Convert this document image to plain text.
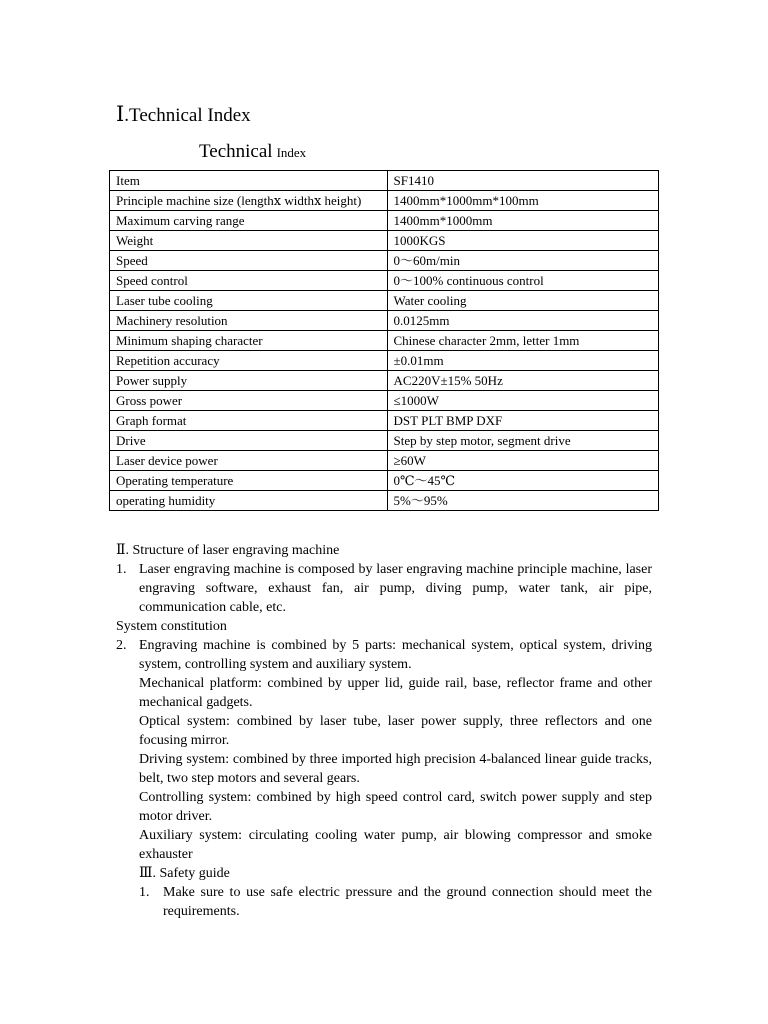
Ⅰ.Technical Index
Technical Index
Item	SF1410
Principle machine size (lengthⅹ widthⅹ height)	1400mm*1000mm*100mm
Maximum carving range	1400mm*1000mm
Weight	1000KGS
Speed	0～60m/min
Speed control	0～100% continuous control
Laser tube cooling	Water cooling
Machinery resolution	0.0125mm
Minimum shaping character	Chinese character 2mm, letter 1mm
Repetition accuracy	±0.01mm
Power supply	AC220V±15% 50Hz
Gross power	≤1000W
Graph format	DST PLT BMP DXF
Drive	Step by step motor, segment drive
Laser device power	≥60W
Operating temperature	0℃～45℃
operating humidity	5%～95%

Ⅱ. Structure of laser engraving machine

1. Laser engraving machine is composed by laser engraving machine principle machine, laser engraving software, exhaust fan, air pump, diving pump, water tank, air pipe, communication cable, etc.

System constitution

2. Engraving machine is combined by 5 parts: mechanical system, optical system, driving system, controlling system and auxiliary system.

Mechanical platform: combined by upper lid, guide rail, base, reflector frame and other mechanical gadgets.

Optical system: combined by laser tube, laser power supply, three reflectors and one focusing mirror.

Driving system: combined by three imported high precision 4-balanced linear guide tracks, belt, two step motors and several gears.

Controlling system: combined by high speed control card, switch power supply and step motor driver.

Auxiliary system: circulating cooling water pump, air blowing compressor and smoke exhauster

Ⅲ. Safety guide

1. Make sure to use safe electric pressure and the ground connection should meet the requirements.
